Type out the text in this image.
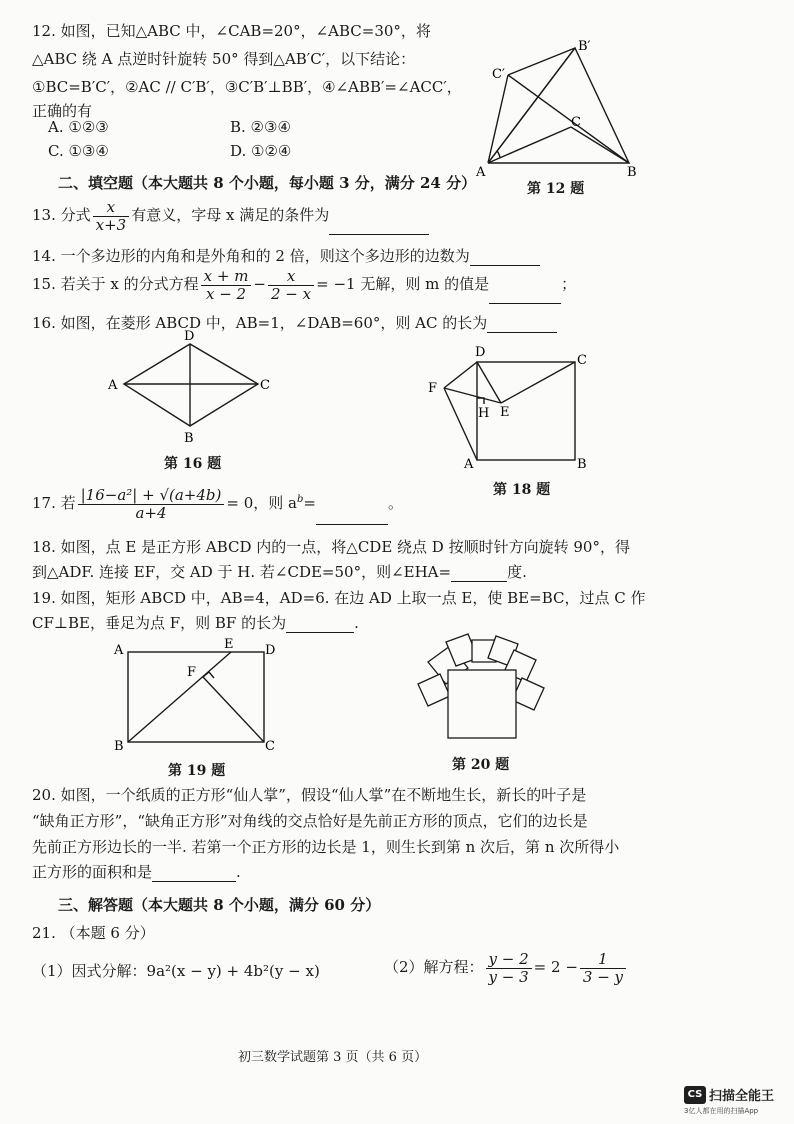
12. 如图，已知△ABC 中，∠CAB=20°，∠ABC=30°，将
△ABC 绕 A 点逆时针旋转 50° 得到△AB′C′，以下结论：
①BC=B′C′，②AC // C′B′，③C′B′⊥BB′，④∠ABB′=∠ACC′，
正确的有
A. ①②③	B. ②③④
C. ①③④	D. ①②④
B′
C′
C
A	B
第 12 题
二、填空题（本大题共 8 个小题，每小题 3 分，满分 24 分）
13. 分式 $\frac{x}{x+3}$ 有意义，字母 x 满足的条件为
14. 一个多边形的内角和是外角和的 2 倍，则这个多边形的边数为
15. 若关于 x 的分式方程 $\frac{x + m}{x - 2} - \frac{x}{2 - x} = -1$ 无解，则 m 的值是	；
16. 如图，在菱形 ABCD 中，AB=1，∠DAB=60°，则 AC 的长为
D
A	C
B
第 16 题
D
C
F
H E
A	B
第 18 题
17. 若 $\frac{\text{|16−a²| + √(a+4b)}}{a+4} = 0$，则 $a^b=$	。
18. 如图，点 E 是正方形 ABCD 内的一点，将△CDE 绕点 D 按顺时针方向旋转 90°，得
到△ADF. 连接 EF，交 AD 于 H. 若∠CDE=50°，则∠EHA=	度.
19. 如图，矩形 ABCD 中，AB=4，AD=6. 在边 AD 上取一点 E，使 BE=BC，过点 C 作
CF⊥BE，垂足为点 F，则 BF 的长为	.
A	E D
F
B	C
第 19 题	第 20 题
20. 如图，一个纸质的正方形“仙人掌”，假设“仙人掌”在不断地生长，新长的叶子是
“缺角正方形”，“缺角正方形”对角线的交点恰好是先前正方形的顶点，它们的边长是
先前正方形边长的一半. 若第一个正方形的边长是 1，则生长到第 n 次后，第 n 次所得小
正方形的面积和是	.
三、解答题（本大题共 8 个小题，满分 60 分）
21. （本题 6 分）
（1）因式分解：9a²(x − y) + 4b²(y − x)	（2）解方程： $\frac{y - 2}{y - 3} = 2 - \frac{1}{3 - y}$
初三数学试题第 3 页（共 6 页）
CS 扫描全能王
3亿人都在用的扫描App
